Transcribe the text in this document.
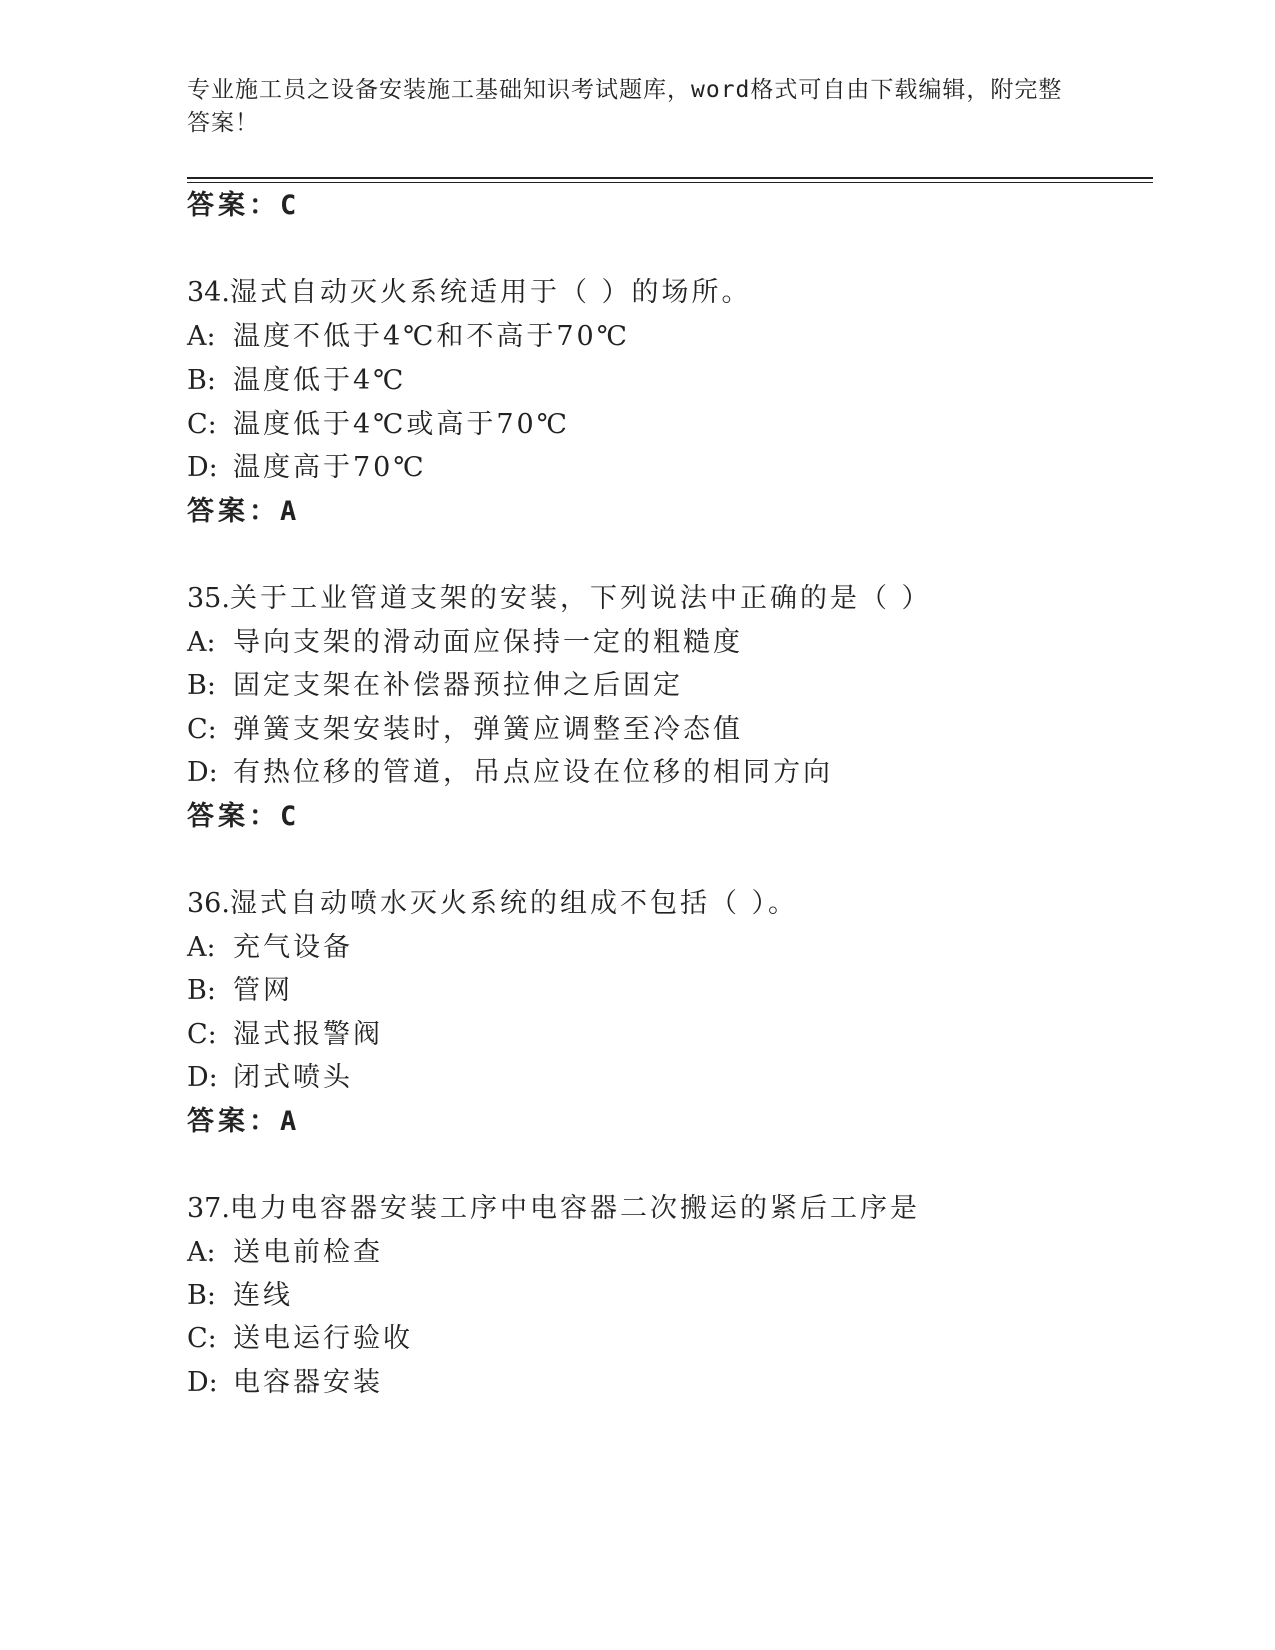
专业施工员之设备安装施工基础知识考试题库，word格式可自由下载编辑，附完整答案！
答案：C
34.湿式自动灭火系统适用于（ ）的场所。
A: 温度不低于4℃和不高于70℃
B: 温度低于4℃
C: 温度低于4℃或高于70℃
D: 温度高于70℃
答案：A
35.关于工业管道支架的安装，下列说法中正确的是（ ）
A: 导向支架的滑动面应保持一定的粗糙度
B: 固定支架在补偿器预拉伸之后固定
C: 弹簧支架安装时，弹簧应调整至冷态值
D: 有热位移的管道，吊点应设在位移的相同方向
答案：C
36.湿式自动喷水灭火系统的组成不包括（ ）。
A: 充气设备
B: 管网
C: 湿式报警阀
D: 闭式喷头
答案：A
37.电力电容器安装工序中电容器二次搬运的紧后工序是
A: 送电前检查
B: 连线
C: 送电运行验收
D: 电容器安装
